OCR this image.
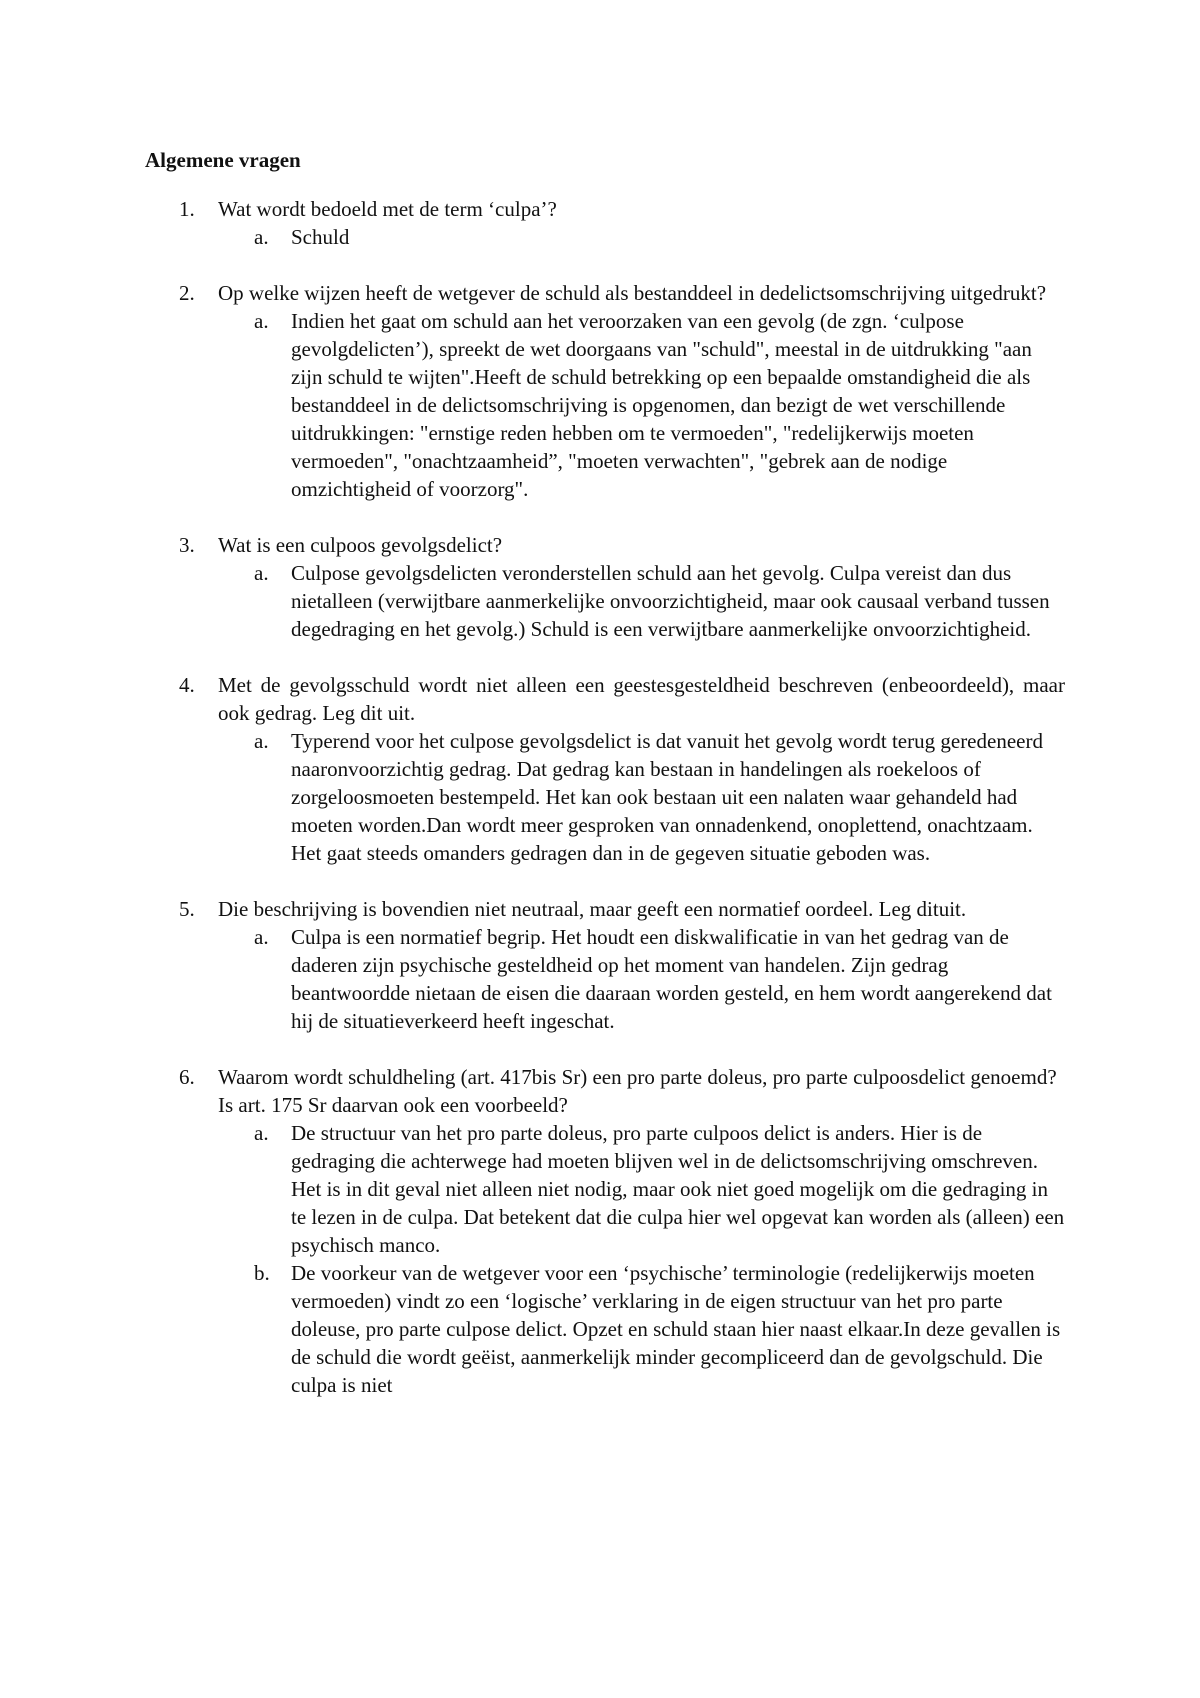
Algemene vragen
1. Wat wordt bedoeld met de term ‘culpa’?
a. Schuld
2. Op welke wijzen heeft de wetgever de schuld als bestanddeel in dedelictsomschrijving uitgedrukt?
a. Indien het gaat om schuld aan het veroorzaken van een gevolg (de zgn. ‘culpose gevolgdelicten’), spreekt de wet doorgaans van "schuld", meestal in de uitdrukking "aan zijn schuld te wijten".Heeft de schuld betrekking op een bepaalde omstandigheid die als bestanddeel in de delictsomschrijving is opgenomen, dan bezigt de wet verschillende uitdrukkingen: "ernstige reden hebben om te vermoeden", "redelijkerwijs moeten vermoeden", "onachtzaamheid”, "moeten verwachten", "gebrek aan de nodige omzichtigheid of voorzorg".
3. Wat is een culpoos gevolgsdelict?
a. Culpose gevolgsdelicten veronderstellen schuld aan het gevolg. Culpa vereist dan dus nietalleen (verwijtbare aanmerkelijke onvoorzichtigheid, maar ook causaal verband tussen degedraging en het gevolg.) Schuld is een verwijtbare aanmerkelijke onvoorzichtigheid.
4. Met de gevolgsschuld wordt niet alleen een geestesgesteldheid beschreven (enbeoordeeld), maar ook gedrag. Leg dit uit.
a. Typerend voor het culpose gevolgsdelict is dat vanuit het gevolg wordt terug geredeneerd naaronvoorzichtig gedrag. Dat gedrag kan bestaan in handelingen als roekeloos of zorgeloosmoeten bestempeld. Het kan ook bestaan uit een nalaten waar gehandeld had moeten worden.Dan wordt meer gesproken van onnadenkend, onoplettend, onachtzaam. Het gaat steeds omanders gedragen dan in de gegeven situatie geboden was.
5. Die beschrijving is bovendien niet neutraal, maar geeft een normatief oordeel. Leg dituit.
a. Culpa is een normatief begrip. Het houdt een diskwalificatie in van het gedrag van de daderen zijn psychische gesteldheid op het moment van handelen. Zijn gedrag beantwoordde nietaan de eisen die daaraan worden gesteld, en hem wordt aangerekend dat hij de situatieverkeerd heeft ingeschat.
6. Waarom wordt schuldheling (art. 417bis Sr) een pro parte doleus, pro parte culpoosdelict genoemd? Is art. 175 Sr daarvan ook een voorbeeld?
a. De structuur van het pro parte doleus, pro parte culpoos delict is anders. Hier is de gedraging die achterwege had moeten blijven wel in de delictsomschrijving omschreven. Het is in dit geval niet alleen niet nodig, maar ook niet goed mogelijk om die gedraging in te lezen in de culpa. Dat betekent dat die culpa hier wel opgevat kan worden als (alleen) een psychisch manco.
b. De voorkeur van de wetgever voor een ‘psychische’ terminologie (redelijkerwijs moeten vermoeden) vindt zo een ‘logische’ verklaring in de eigen structuur van het pro parte doleuse, pro parte culpose delict. Opzet en schuld staan hier naast elkaar.In deze gevallen is de schuld die wordt geëist, aanmerkelijk minder gecompliceerd dan de gevolgschuld. Die culpa is niet
